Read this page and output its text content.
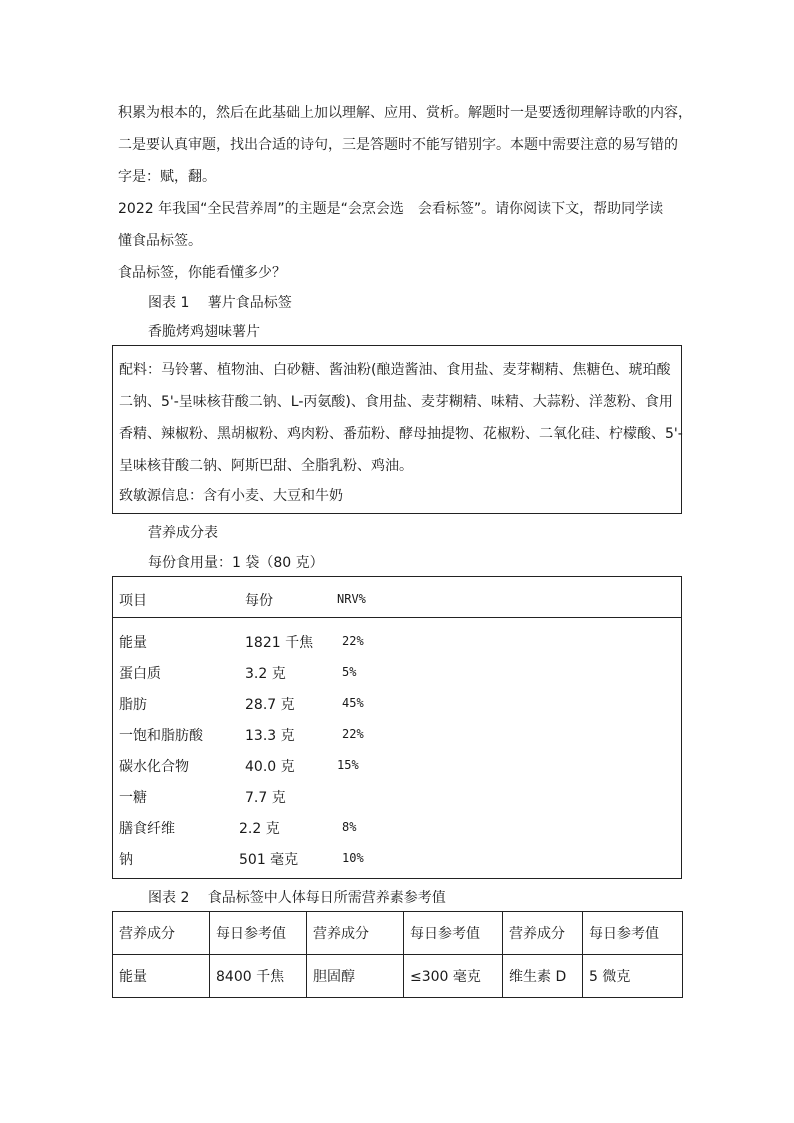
积累为根本的，然后在此基础上加以理解、应用、赏析。解题时一是要透彻理解诗歌的内容，
二是要认真审题，找出合适的诗句，三是答题时不能写错别字。本题中需要注意的易写错的
字是：赋，翻。
2022 年我国“全民营养周”的主题是“会烹会选　会看标签”。请你阅读下文，帮助同学读
懂食品标签。
食品标签，你能看懂多少？
图表 1　 薯片食品标签
香脆烤鸡翅味薯片
配料：马铃薯、植物油、白砂糖、酱油粉(酿造酱油、食用盐、麦芽糊精、焦糖色、琥珀酸
二钠、5'-呈味核苷酸二钠、L-丙氨酸)、食用盐、麦芽糊精、味精、大蒜粉、洋葱粉、食用
香精、辣椒粉、黑胡椒粉、鸡肉粉、番茄粉、酵母抽提物、花椒粉、二氧化硅、柠檬酸、5'-
呈味核苷酸二钠、阿斯巴甜、全脂乳粉、鸡油。
致敏源信息：含有小麦、大豆和牛奶
营养成分表
每份食用量：1 袋（80 克）
项目	每份	NRV%
能量	1821 千焦 22%
蛋白质	3.2 克	5%
脂肪	28.7 克	45%
一饱和脂肪酸	13.3 克	22%
碳水化合物	40.0 克	15%
一糖	7.7 克
膳食纤维	2.2 克	8%
钠	501 毫克	10%
图表 2　 食品标签中人体每日所需营养素参考值
营养成分	每日参考值	营养成分	每日参考值	营养成分	每日参考值
能量	8400 千焦	胆固醇	≤300 毫克	维生素 D	5 微克
